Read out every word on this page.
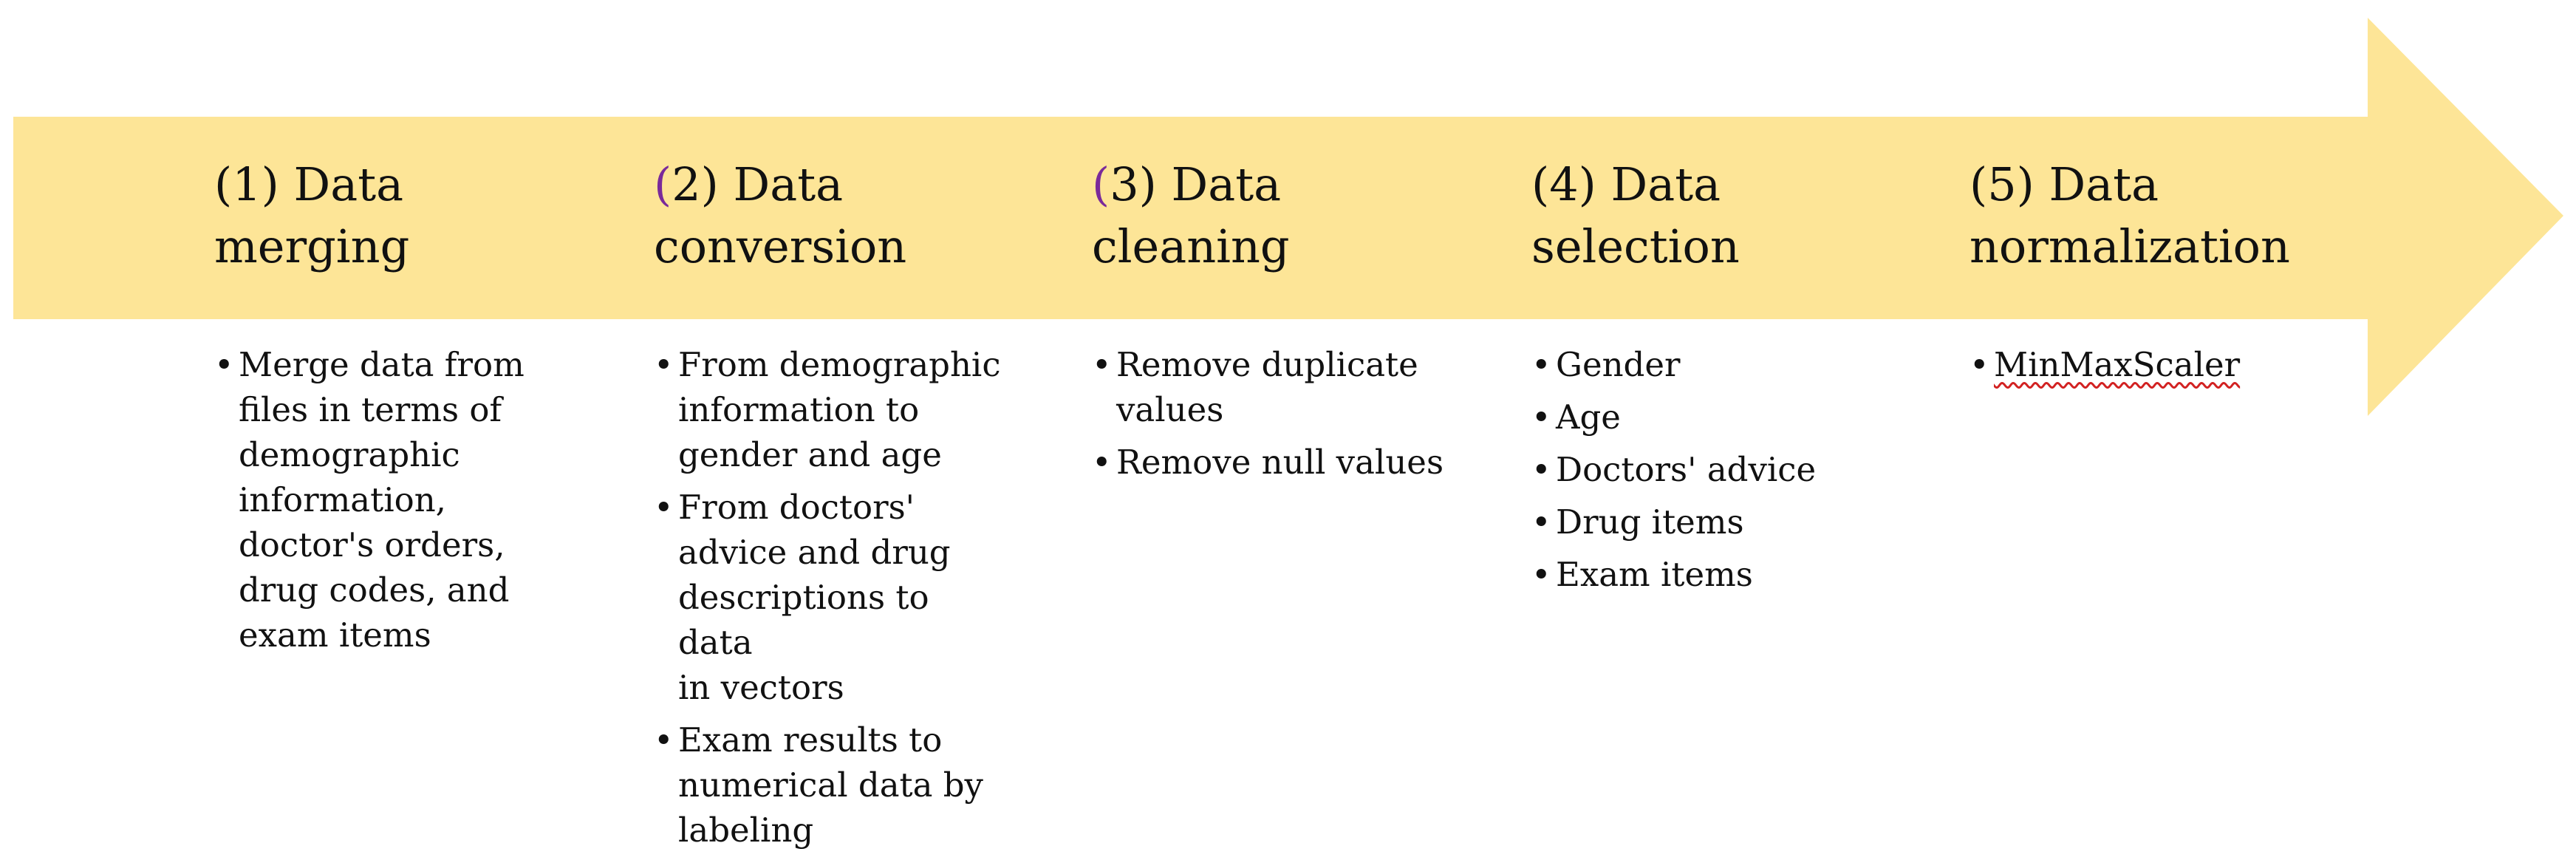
(1) Data
merging
(2) Data
conversion
(3) Data
cleaning
(4) Data
selection
(5) Data
normalization
• Merge data from
files in terms of
demographic
information,
doctor's orders,
drug codes, and
exam items
• From demographic
information to
gender and age
• From doctors'
advice and drug
descriptions to data
in vectors
• Exam results to
numerical data by
labeling
• Remove duplicate
values
• Remove null values
• Gender
• Age
• Doctors' advice
• Drug items
• Exam items
• MinMaxScaler
